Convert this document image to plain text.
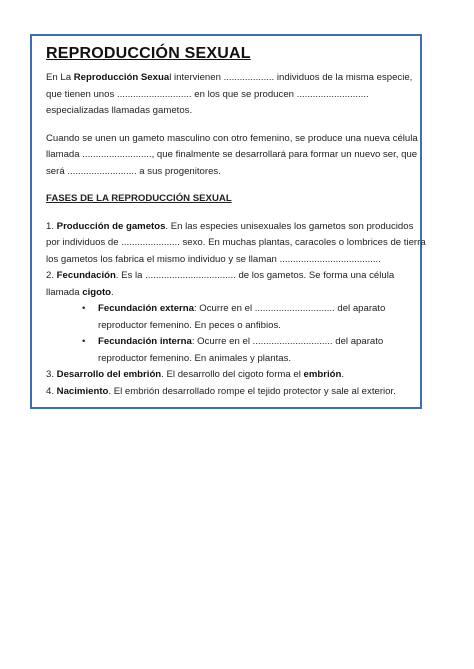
REPRODUCCIÓN SEXUAL

En La Reproducción Sexual intervienen ................... individuos de la misma especie, que tienen unos ............................ en los que se producen ........................... especializadas llamadas gametos.

Cuando se unen un gameto masculino con otro femenino, se produce una nueva célula llamada .........................., que finalmente se desarrollará para formar un nuevo ser, que será .......................... a sus progenitores.

FASES DE LA REPRODUCCIÓN SEXUAL

1. Producción de gametos. En las especies unisexuales los gametos son producidos por individuos de ...................... sexo. En muchas plantas, caracoles o lombrices de tierra los gametos los fabrica el mismo individuo y se llaman ......................................

2. Fecundación. Es la .................................. de los gametos. Se forma una célula llamada cigoto.

• Fecundación externa: Ocurre en el .............................. del aparato reproductor femenino. En peces o anfibios.
• Fecundación interna: Ocurre en el .............................. del aparato reproductor femenino. En animales y plantas.

3. Desarrollo del embrión. El desarrollo del cigoto forma el embrión.

4. Nacimiento. El embrión desarrollado rompe el tejido protector y sale al exterior.
